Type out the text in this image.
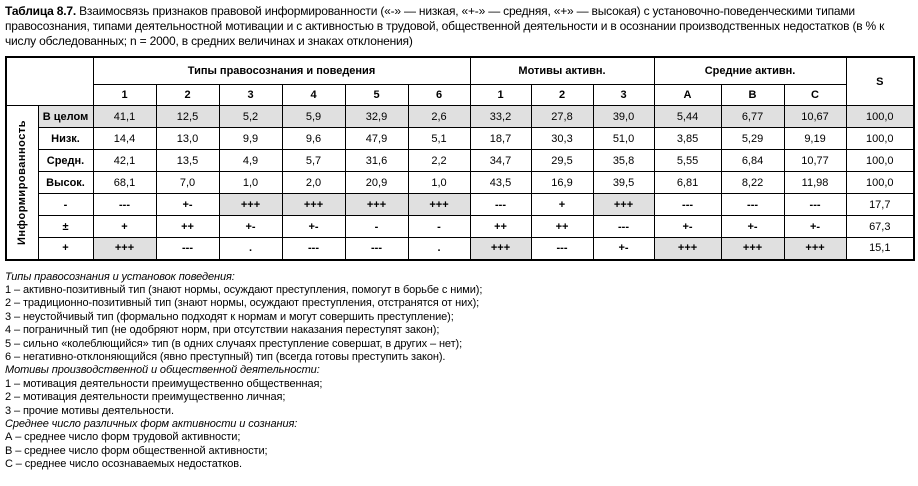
Таблица 8.7. Взаимосвязь признаков правовой информированности («-» — низкая, «+-» — средняя, «+» — высокая) с установочно-поведенческими типами правосознания, типами деятельностной мотивации и с активностью в трудовой, общественной деятельности и в осознании производственных недостатков (в % к числу обследованных; n = 2000, в средних величинах и знаках отклонения)

		Типы правосознания и поведения						Мотивы активн.			Средние активн.			S
		1	2	3	4	5	6	1	2	3	А	В	С	

Информированность	В целом	41,1	12,5	5,2	5,9	32,9	2,6	33,2	27,8	39,0	5,44	6,77	10,67	100,0
	Низк.	14,4	13,0	9,9	9,6	47,9	5,1	18,7	30,3	51,0	3,85	5,29	9,19	100,0
	Средн.	42,1	13,5	4,9	5,7	31,6	2,2	34,7	29,5	35,8	5,55	6,84	10,77	100,0
	Высок.	68,1	7,0	1,0	2,0	20,9	1,0	43,5	16,9	39,5	6,81	8,22	11,98	100,0
	-	---	+-	+++	+++	+++	+++	---	+	+++	---	---	---	17,7
	±	+	++	+-	+-	-	-	++	++	---	+-	+-	+-	67,3
	+	+++	---	.	---	---	.	+++	---	+-	+++	+++	+++	15,1
Типы правосознания и установок поведения:
1 – активно-позитивный тип (знают нормы, осуждают преступления, помогут в борьбе с ними);
2 – традиционно-позитивный тип (знают нормы, осуждают преступления, отстранятся от них);
3 – неустойчивый тип (формально подходят к нормам и могут совершить преступление);
4 – пограничный тип (не одобряют норм, при отсутствии наказания переступят закон);
5 – сильно «колеблющийся» тип (в одних случаях преступление совершат, в других – нет);
6 – негативно-отклоняющийся (явно преступный) тип (всегда готовы преступить закон).
Мотивы производственной и общественной деятельности:
1 – мотивация деятельности преимущественно общественная;
2 – мотивация деятельности преимущественно личная;
3 – прочие мотивы деятельности.
Среднее число различных форм активности и сознания:
А – среднее число форм трудовой активности;
В – среднее число форм общественной активности;
С – среднее число осознаваемых недостатков.
